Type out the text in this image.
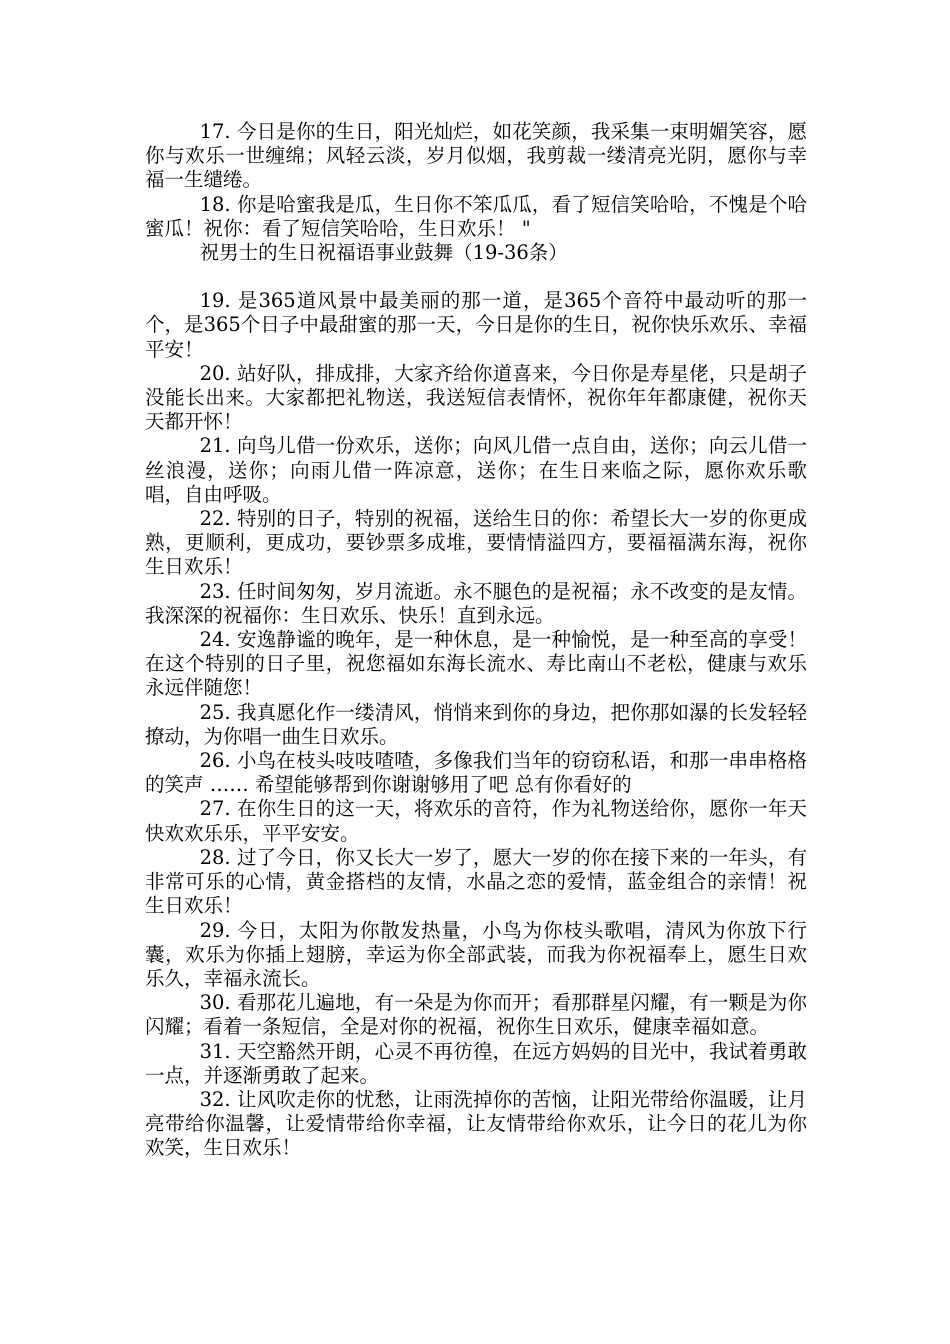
17. 今日是你的生日，阳光灿烂，如花笑颜，我采集一束明媚笑容，愿你与欢乐一世缠绵；风轻云淡，岁月似烟，我剪裁一缕清亮光阴，愿你与幸福一生缱绻。

18. 你是哈蜜我是瓜，生日你不笨瓜瓜，看了短信笑哈哈，不愧是个哈蜜瓜！祝你：看了短信笑哈哈，生日欢乐！ "

祝男士的生日祝福语事业鼓舞（19-36条）

19. 是365道风景中最美丽的那一道，是365个音符中最动听的那一个，是365个日子中最甜蜜的那一天，今日是你的生日，祝你快乐欢乐、幸福平安！

20. 站好队，排成排，大家齐给你道喜来，今日你是寿星佬，只是胡子没能长出来。大家都把礼物送，我送短信表情怀，祝你年年都康健，祝你天天都开怀！

21. 向鸟儿借一份欢乐，送你；向风儿借一点自由，送你；向云儿借一丝浪漫，送你；向雨儿借一阵凉意，送你；在生日来临之际，愿你欢乐歌唱，自由呼吸。

22. 特别的日子，特别的祝福，送给生日的你：希望长大一岁的你更成熟，更顺利，更成功，要钞票多成堆，要情情溢四方，要福福满东海，祝你生日欢乐！

23. 任时间匆匆，岁月流逝。永不腿色的是祝福；永不改变的是友情。我深深的祝福你：生日欢乐、快乐！直到永远。

24. 安逸静谧的晚年，是一种休息，是一种愉悦，是一种至高的享受！在这个特别的日子里，祝您福如东海长流水、寿比南山不老松，健康与欢乐永远伴随您！

25. 我真愿化作一缕清风，悄悄来到你的身边，把你那如瀑的长发轻轻撩动，为你唱一曲生日欢乐。

26. 小鸟在枝头吱吱喳喳，多像我们当年的窃窃私语，和那一串串格格的笑声 …… 希望能够帮到你谢谢够用了吧 总有你看好的

27. 在你生日的这一天，将欢乐的音符，作为礼物送给你，愿你一年天快欢欢乐乐，平平安安。

28. 过了今日，你又长大一岁了，愿大一岁的你在接下来的一年头，有非常可乐的心情，黄金搭档的友情，水晶之恋的爱情，蓝金组合的亲情！祝生日欢乐！

29. 今日，太阳为你散发热量，小鸟为你枝头歌唱，清风为你放下行囊，欢乐为你插上翅膀，幸运为你全部武装，而我为你祝福奉上，愿生日欢乐久，幸福永流长。

30. 看那花儿遍地，有一朵是为你而开；看那群星闪耀，有一颗是为你闪耀；看着一条短信，全是对你的祝福，祝你生日欢乐，健康幸福如意。

31. 天空豁然开朗，心灵不再彷徨，在远方妈妈的目光中，我试着勇敢一点，并逐渐勇敢了起来。

32. 让风吹走你的忧愁，让雨洗掉你的苦恼，让阳光带给你温暖，让月亮带给你温馨，让爱情带给你幸福，让友情带给你欢乐，让今日的花儿为你欢笑，生日欢乐！
